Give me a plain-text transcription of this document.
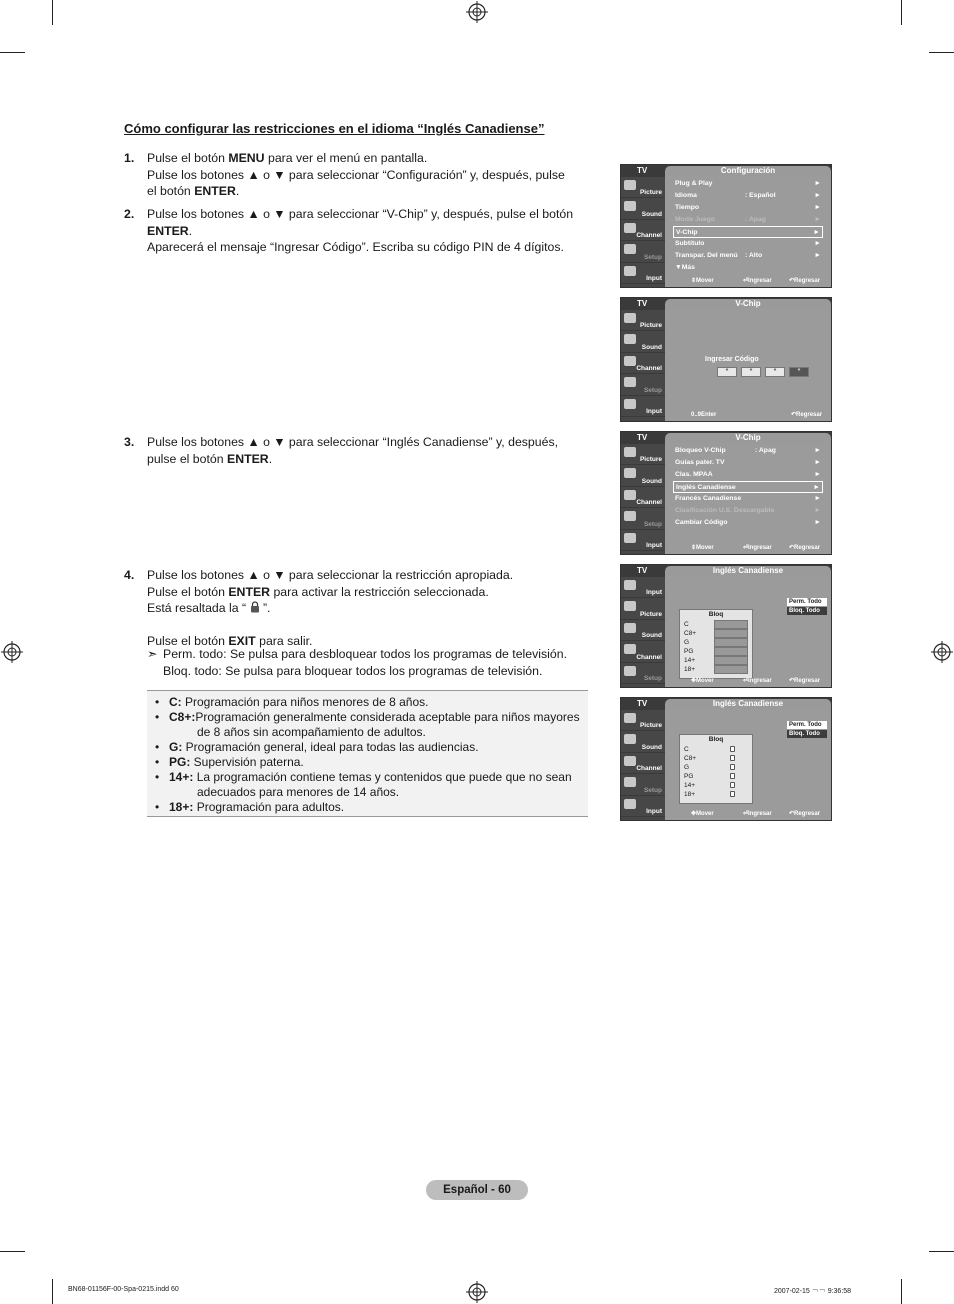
Cómo configurar las restricciones en el idioma “Inglés Canadiense”
1. Pulse el botón MENU para ver el menú en pantalla.

Pulse los botones ▲ o ▼ para seleccionar “Configuración” y, después, pulse

el botón ENTER.

2. Pulse los botones ▲ o ▼ para seleccionar “V-Chip” y, después, pulse el botón

ENTER.

Aparecerá el mensaje “Ingresar Código”. Escriba su código PIN de 4 dígitos.

3. Pulse los botones ▲ o ▼ para seleccionar “Inglés Canadiense” y, después,

pulse el botón ENTER.

4. Pulse los botones ▲ o ▼ para seleccionar la restricción apropiada.

Pulse el botón ENTER para activar la restricción seleccionada.

Está resaltada la “  ”.

Pulse el botón EXIT para salir.

➣ Perm. todo: Se pulsa para desbloquear todos los programas de televisión.
Bloq. todo: Se pulsa para bloquear todos los programas de televisión.
• C: Programación para niños menores de 8 años.
• C8+:Programación generalmente considerada aceptable para niños mayores
de 8 años sin acompañamiento de adultos.
• G: Programación general, ideal para todas las audiencias.
• PG: Supervisión paterna.
• 14+: La programación contiene temas y contenidos que puede que no sean
adecuados para menores de 14 años.
• 18+: Programación para adultos.
TV	Configuración
Picture
Sound
Channel
Setup
Input
Plug & Play	►
Idioma	: Español	►
Tiempo	►
Modo Juego	: Apag	►
V-Chip	►
Subtítulo	►
Transpar. Del menú : Alto	►
▼Más
⇕ Mover	⏎ Ingresar	↶ Regresar
TV	V-Chip
Picture
Sound
Channel
Setup
Input
Ingresar Código
*	*	*	*
0..9 Enter PIN
↶ Regresar
TV	V-Chip
Picture
Sound
Channel
Setup
Input
Bloqueo V-Chip	: Apag	►
Guías pater. TV	►
Clas. MPAA	►
Inglés Canadiense	►
Francés Canadiense	►
Clasificación U.S. Descargable	►
Cambiar Código	►
⇕ Mover	⏎ Ingresar	↶ Regresar
TV	Inglés Canadiense
Input
Picture
Sound
Channel
Setup
Bloq
C
C8+
G
PG
14+
18+
Perm. Todo
Bloq. Todo
✥ Mover	⏎ Ingresar	↶ Regresar
TV	Inglés Canadiense
Picture
Sound
Channel
Setup
Input
Bloq
C
C8+
G
PG
14+
18+
Perm. Todo
Bloq. Todo
✥ Mover	⏎ Ingresar	↶ Regresar
Español - 60
BN68-01156F-00-Spa-0215.indd 60	2007-02-15 ￢￢ 9:36:58
